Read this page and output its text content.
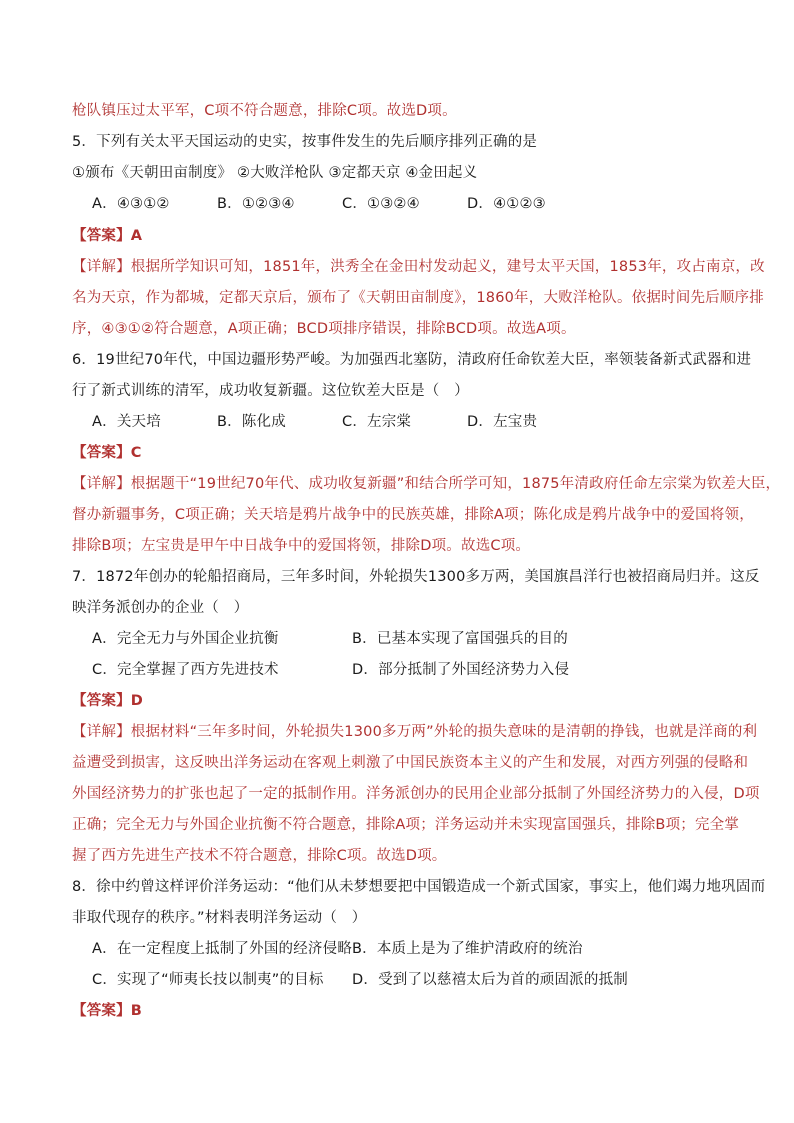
枪队镇压过太平军，C项不符合题意，排除C项。故选D项。
5．下列有关太平天国运动的史实，按事件发生的先后顺序排列正确的是
①颁布《天朝田亩制度》 ②大败洋枪队 ③定都天京 ④金田起义
【答案】A
【详解】根据所学知识可知，1851年，洪秀全在金田村发动起义，建号太平天国，1853年，攻占南京，改
名为天京，作为都城，定都天京后，颁布了《天朝田亩制度》，1860年，大败洋枪队。依据时间先后顺序排
序，④③①②符合题意，A项正确；BCD项排序错误，排除BCD项。故选A项。
6．19世纪70年代，中国边疆形势严峻。为加强西北塞防，清政府任命钦差大臣，率领装备新式武器和进
行了新式训练的清军，成功收复新疆。这位钦差大臣是（　）
【答案】C
【详解】根据题干“19世纪70年代、成功收复新疆”和结合所学可知，1875年清政府任命左宗棠为钦差大臣，
督办新疆事务，C项正确；关天培是鸦片战争中的民族英雄，排除A项；陈化成是鸦片战争中的爱国将领，
排除B项；左宝贵是甲午中日战争中的爱国将领，排除D项。故选C项。
7．1872年创办的轮船招商局，三年多时间，外轮损失1300多万两，美国旗昌洋行也被招商局归并。这反
映洋务派创办的企业（　）
【答案】D
【详解】根据材料“三年多时间，外轮损失1300多万两”外轮的损失意味的是清朝的挣钱，也就是洋商的利
益遭受到损害，这反映出洋务运动在客观上刺激了中国民族资本主义的产生和发展，对西方列强的侵略和
外国经济势力的扩张也起了一定的抵制作用。洋务派创办的民用企业部分抵制了外国经济势力的入侵，D项
正确；完全无力与外国企业抗衡不符合题意，排除A项；洋务运动并未实现富国强兵，排除B项；完全掌
握了西方先进生产技术不符合题意，排除C项。故选D项。
8．徐中约曾这样评价洋务运动：“他们从未梦想要把中国锻造成一个新式国家，事实上，他们竭力地巩固而
非取代现存的秩序。”材料表明洋务运动（　）
【答案】B
A．④③①②	B．①②③④	C．①③②④	D．④①②③
A．关天培	B．陈化成	C．左宗棠	D．左宝贵
A．完全无力与外国企业抗衡	B．已基本实现了富国强兵的目的
C．完全掌握了西方先进技术	D．部分抵制了外国经济势力入侵
A．在一定程度上抵制了外国的经济侵略 B．本质上是为了维护清政府的统治
C．实现了“师夷长技以制夷”的目标	D．受到了以慈禧太后为首的顽固派的抵制
